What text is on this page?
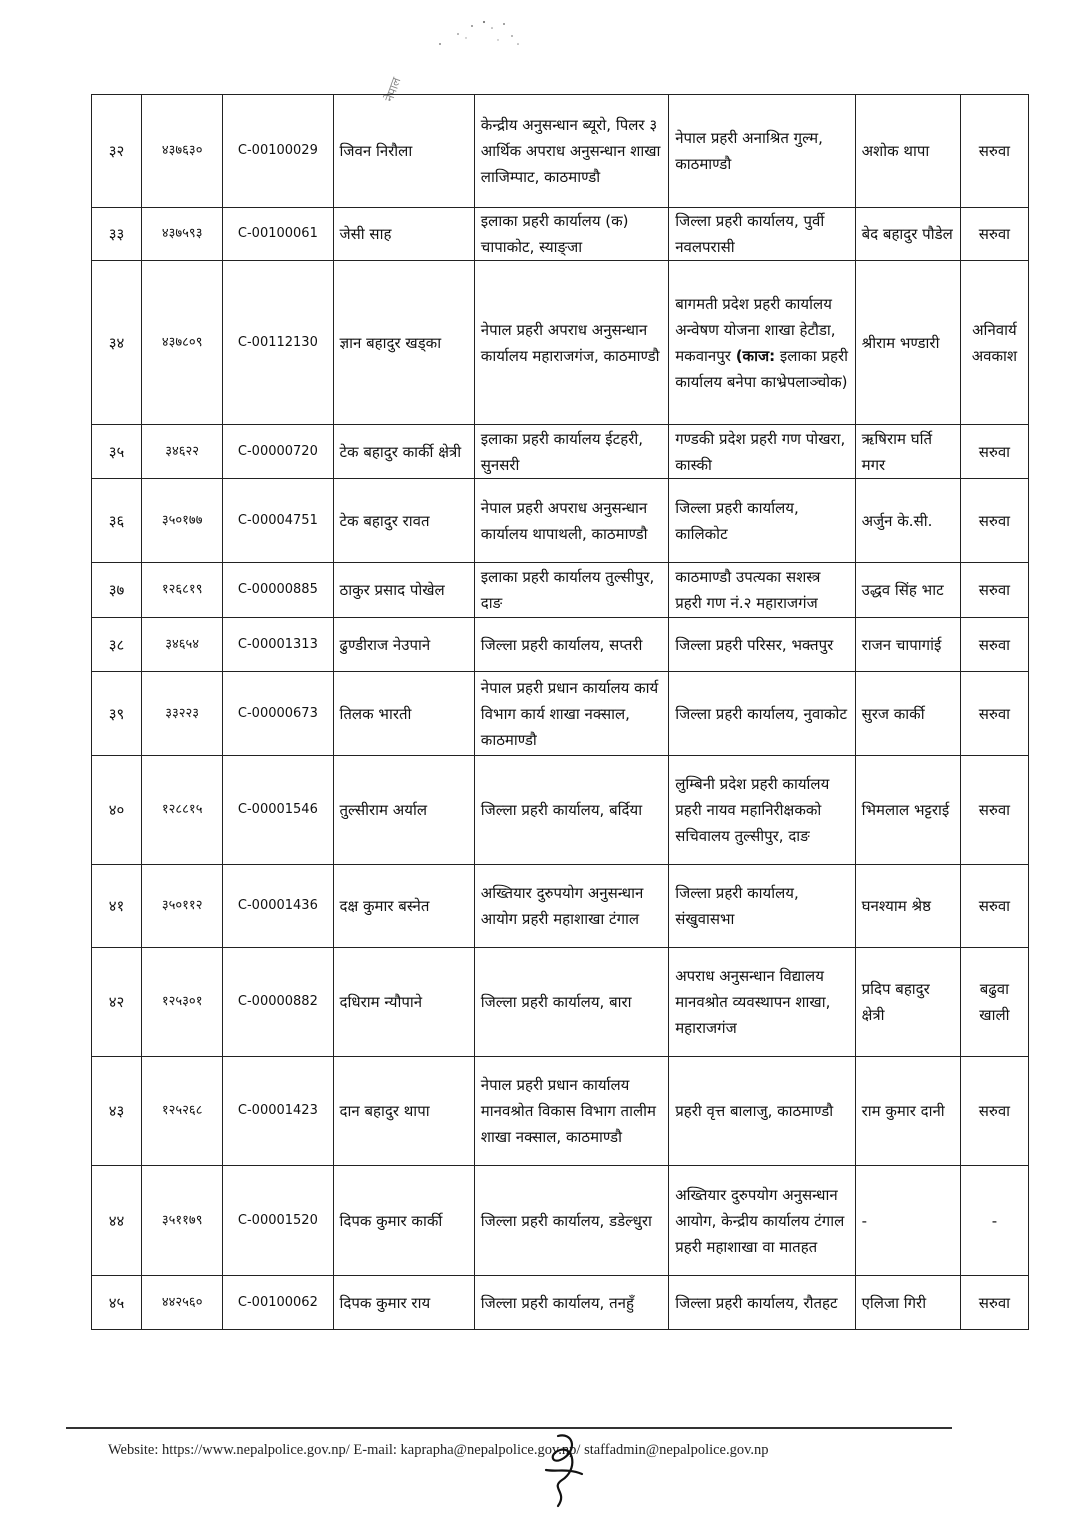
नेपाल
३२	४३७६३०	C-00100029	जिवन निरौला	केन्द्रीय अनुसन्धान ब्यूरो, पिलर ३ आर्थिक अपराध अनुसन्धान शाखा लाजिम्पाट, काठमाण्डौ	नेपाल प्रहरी अनाश्रित गुल्म, काठमाण्डौ	अशोक थापा	सरुवा
३३	४३७५९३	C-00100061	जेसी साह	इलाका प्रहरी कार्यालय (क) चापाकोट, स्याङ्जा	जिल्ला प्रहरी कार्यालय, पुर्वी नवलपरासी	बेद बहादुर पौडेल	सरुवा
३४	४३७८०९	C-00112130	ज्ञान बहादुर खड्का	नेपाल प्रहरी अपराध अनुसन्धान कार्यालय महाराजगंज, काठमाण्डौ	बागमती प्रदेश प्रहरी कार्यालय अन्वेषण योजना शाखा हेटौडा, मकवानपुर (काज: इलाका प्रहरी कार्यालय बनेपा काभ्रेपलाञ्चोक)	श्रीराम भण्डारी	अनिवार्य अवकाश
३५	३४६२२	C-00000720	टेक बहादुर कार्की क्षेत्री	इलाका प्रहरी कार्यालय ईटहरी, सुनसरी	गण्डकी प्रदेश प्रहरी गण पोखरा, कास्की	ऋषिराम घर्ति मगर	सरुवा
३६	३५०१७७	C-00004751	टेक बहादुर रावत	नेपाल प्रहरी अपराध अनुसन्धान कार्यालय थापाथली, काठमाण्डौ	जिल्ला प्रहरी कार्यालय, कालिकोट	अर्जुन के.सी.	सरुवा
३७	१२६८१९	C-00000885	ठाकुर प्रसाद पोखेल	इलाका प्रहरी कार्यालय तुल्सीपुर, दाङ	काठमाण्डौ उपत्यका सशस्त्र प्रहरी गण नं.२ महाराजगंज	उद्धव सिंह भाट	सरुवा
३८	३४६५४	C-00001313	ढुण्डीराज नेउपाने	जिल्ला प्रहरी कार्यालय, सप्तरी	जिल्ला प्रहरी परिसर, भक्तपुर	राजन चापागांई	सरुवा
३९	३३२२३	C-00000673	तिलक भारती	नेपाल प्रहरी प्रधान कार्यालय कार्य विभाग कार्य शाखा नक्साल, काठमाण्डौ	जिल्ला प्रहरी कार्यालय, नुवाकोट	सुरज कार्की	सरुवा
४०	१२८८१५	C-00001546	तुल्सीराम अर्याल	जिल्ला प्रहरी कार्यालय, बर्दिया	लुम्बिनी प्रदेश प्रहरी कार्यालय प्रहरी नायव महानिरीक्षकको सचिवालय तुल्सीपुर, दाङ	भिमलाल भट्टराई	सरुवा
४१	३५०११२	C-00001436	दक्ष कुमार बस्नेत	अख्तियार दुरुपयोग अनुसन्धान आयोग प्रहरी महाशाखा टंगाल	जिल्ला प्रहरी कार्यालय, संखुवासभा	घनश्याम श्रेष्ठ	सरुवा
४२	१२५३०१	C-00000882	दधिराम न्यौपाने	जिल्ला प्रहरी कार्यालय, बारा	अपराध अनुसन्धान विद्यालय मानवश्रोत व्यवस्थापन शाखा, महाराजगंज	प्रदिप बहादुर क्षेत्री	बढुवा खाली
४३	१२५२६८	C-00001423	दान बहादुर थापा	नेपाल प्रहरी प्रधान कार्यालय मानवश्रोत विकास विभाग तालीम शाखा नक्साल, काठमाण्डौ	प्रहरी वृत्त बालाजु, काठमाण्डौ	राम कुमार दानी	सरुवा
४४	३५११७९	C-00001520	दिपक कुमार कार्की	जिल्ला प्रहरी कार्यालय, डडेल्धुरा	अख्तियार दुरुपयोग अनुसन्धान आयोग, केन्द्रीय कार्यालय टंगाल प्रहरी महाशाखा वा मातहत	-	-
४५	४४२५६०	C-00100062	दिपक कुमार राय	जिल्ला प्रहरी कार्यालय, तनहुँ	जिल्ला प्रहरी कार्यालय, रौतहट	एलिजा गिरी	सरुवा
Website: https://www.nepalpolice.gov.np/ E-mail: kaprapha@nepalpolice.gov.np/ staffadmin@nepalpolice.gov.np
